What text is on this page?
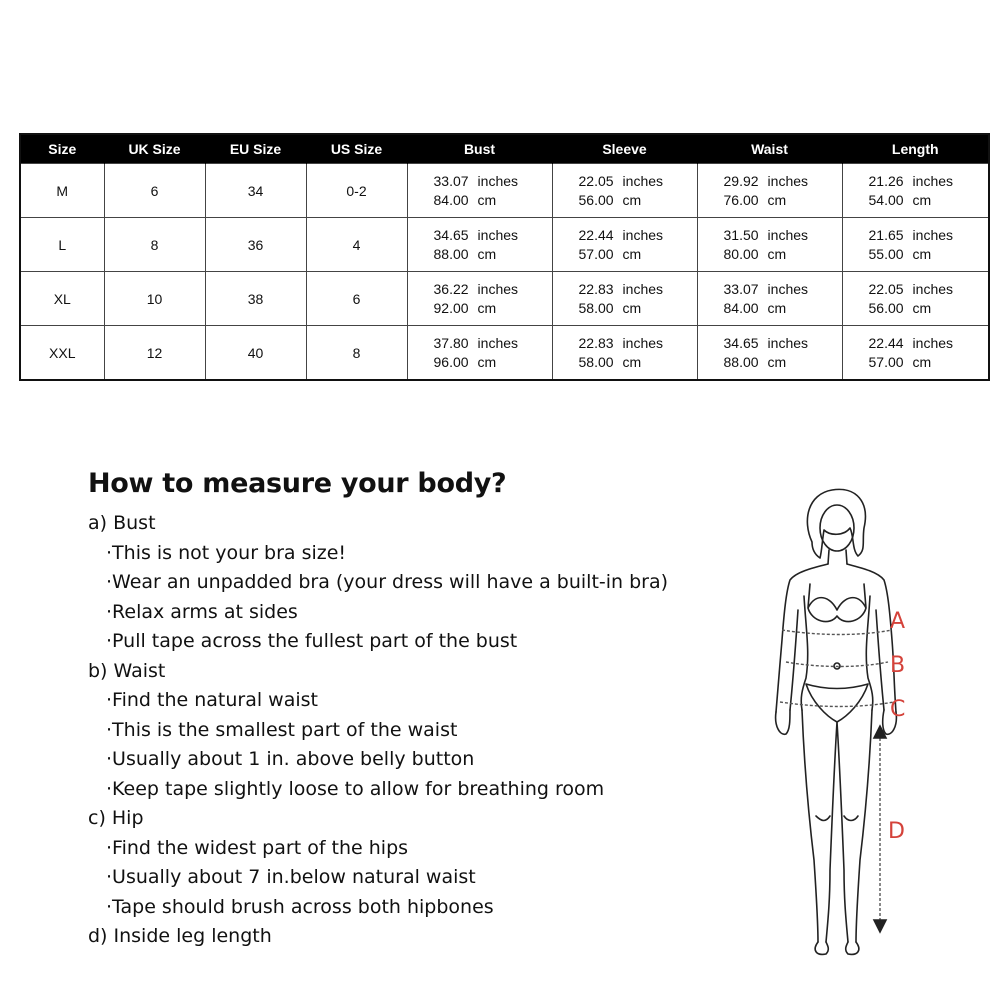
Size	UK Size	EU Size	US Size	Bust	Sleeve	Waist	Length
M	6	34	0-2	33.07 inches	22.05 inches	29.92 inches	21.26 inches
				84.00 cm	56.00 cm	76.00 cm	54.00 cm
L	8	36	4	34.65 inches	22.44 inches	31.50 inches	21.65 inches
				88.00 cm	57.00 cm	80.00 cm	55.00 cm
XL	10	38	6	36.22 inches	22.83 inches	33.07 inches	22.05 inches
				92.00 cm	58.00 cm	84.00 cm	56.00 cm
XXL	12	40	8	37.80 inches	22.83 inches	34.65 inches	22.44 inches
				96.00 cm	58.00 cm	88.00 cm	57.00 cm
How to measure your body?

a) Bust

·This is not your bra size!

·Wear an unpadded bra (your dress will have a built-in bra)

·Relax arms at sides

·Pull tape across the fullest part of the bust

b) Waist

·Find the natural waist

·This is the smallest part of the waist

·Usually about 1 in. above belly button

·Keep tape slightly loose to allow for breathing room

c) Hip

·Find the widest part of the hips

·Usually about 7 in.below natural waist

·Tape should brush across both hipbones

d) Inside leg length

A
B
C
D
